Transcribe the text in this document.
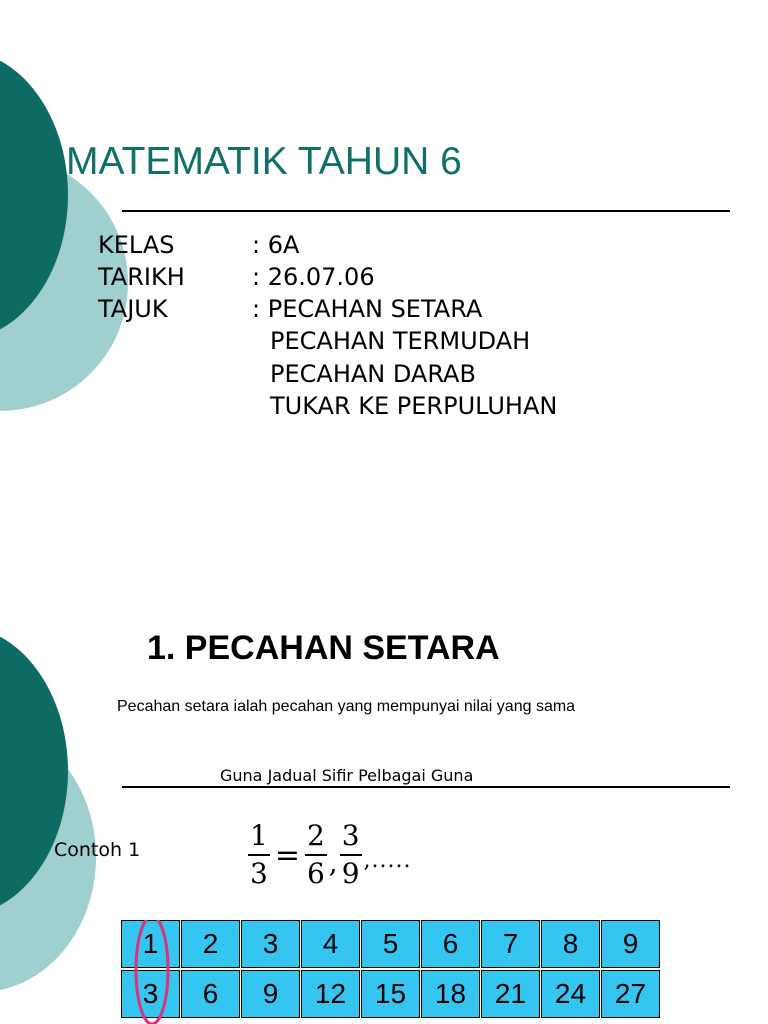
MATEMATIK TAHUN 6
KELAS	: 6A
TARIKH	: 26.07.06
TAJUK	: PECAHAN SETARA
PECAHAN TERMUDAH
PECAHAN DARAB
TUKAR KE PERPULUHAN
1. PECAHAN SETARA

Pecahan setara ialah pecahan yang mempunyai nilai yang sama

Guna Jadual Sifir Pelbagai Guna
Contoh 1	$\frac{1}{3} = \frac{2}{6}$ , $\frac{3}{9}$ ,.....
1	2	3	4	5	6	7	8	9
3	6	9	12	15	18	21	24	27
